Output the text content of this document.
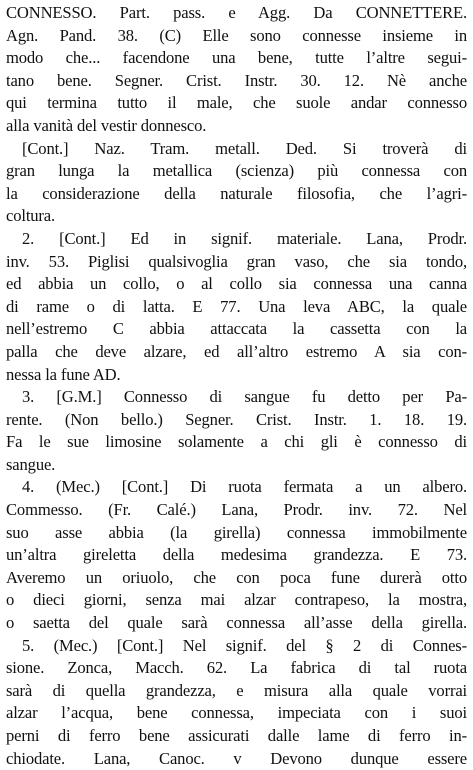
CONNESSO. Part. pass. e Agg. Da CONNETTERE.
Agn. Pand. 38. (C) Elle sono connesse insieme in
modo che... facendone una bene, tutte l’altre segui-
tano bene. Segner. Crist. Instr. 30. 12. Nè anche
qui termina tutto il male, che suole andar connesso
alla vanità del vestir donnesco.
[Cont.] Naz. Tram. metall. Ded. Si troverà di
gran lunga la metallica (scienza) più connessa con
la considerazione della naturale filosofia, che l’agri-
coltura.
2. [Cont.] Ed in signif. materiale. Lana, Prodr.
inv. 53. Piglisi qualsivoglia gran vaso, che sia tondo,
ed abbia un collo, o al collo sia connessa una canna
di rame o di latta. E 77. Una leva ABC, la quale
nell’estremo C abbia attaccata la cassetta con la
palla che deve alzare, ed all’altro estremo A sia con-
nessa la fune AD.
3. [G.M.] Connesso di sangue fu detto per Pa-
rente. (Non bello.) Segner. Crist. Instr. 1. 18. 19.
Fa le sue limosine solamente a chi gli è connesso di
sangue.
4. (Mec.) [Cont.] Di ruota fermata a un albero.
Commesso. (Fr. Calé.) Lana, Prodr. inv. 72. Nel
suo asse abbia (la girella) connessa immobilmente
un’altra gireletta della medesima grandezza. E 73.
Averemo un oriuolo, che con poca fune durerà otto
o dieci giorni, senza mai alzar contrapeso, la mostra,
o saetta del quale sarà connessa all’asse della girella.
5. (Mec.) [Cont.] Nel signif. del § 2 di Connes-
sione. Zonca, Macch. 62. La fabrica di tal ruota
sarà di quella grandezza, e misura alla quale vorrai
alzar l’acqua, bene connessa, impeciata con i suoi
perni di ferro bene assicurati dalle lame di ferro in-
chiodate. Lana, Canoc. v Devono dunque essere
